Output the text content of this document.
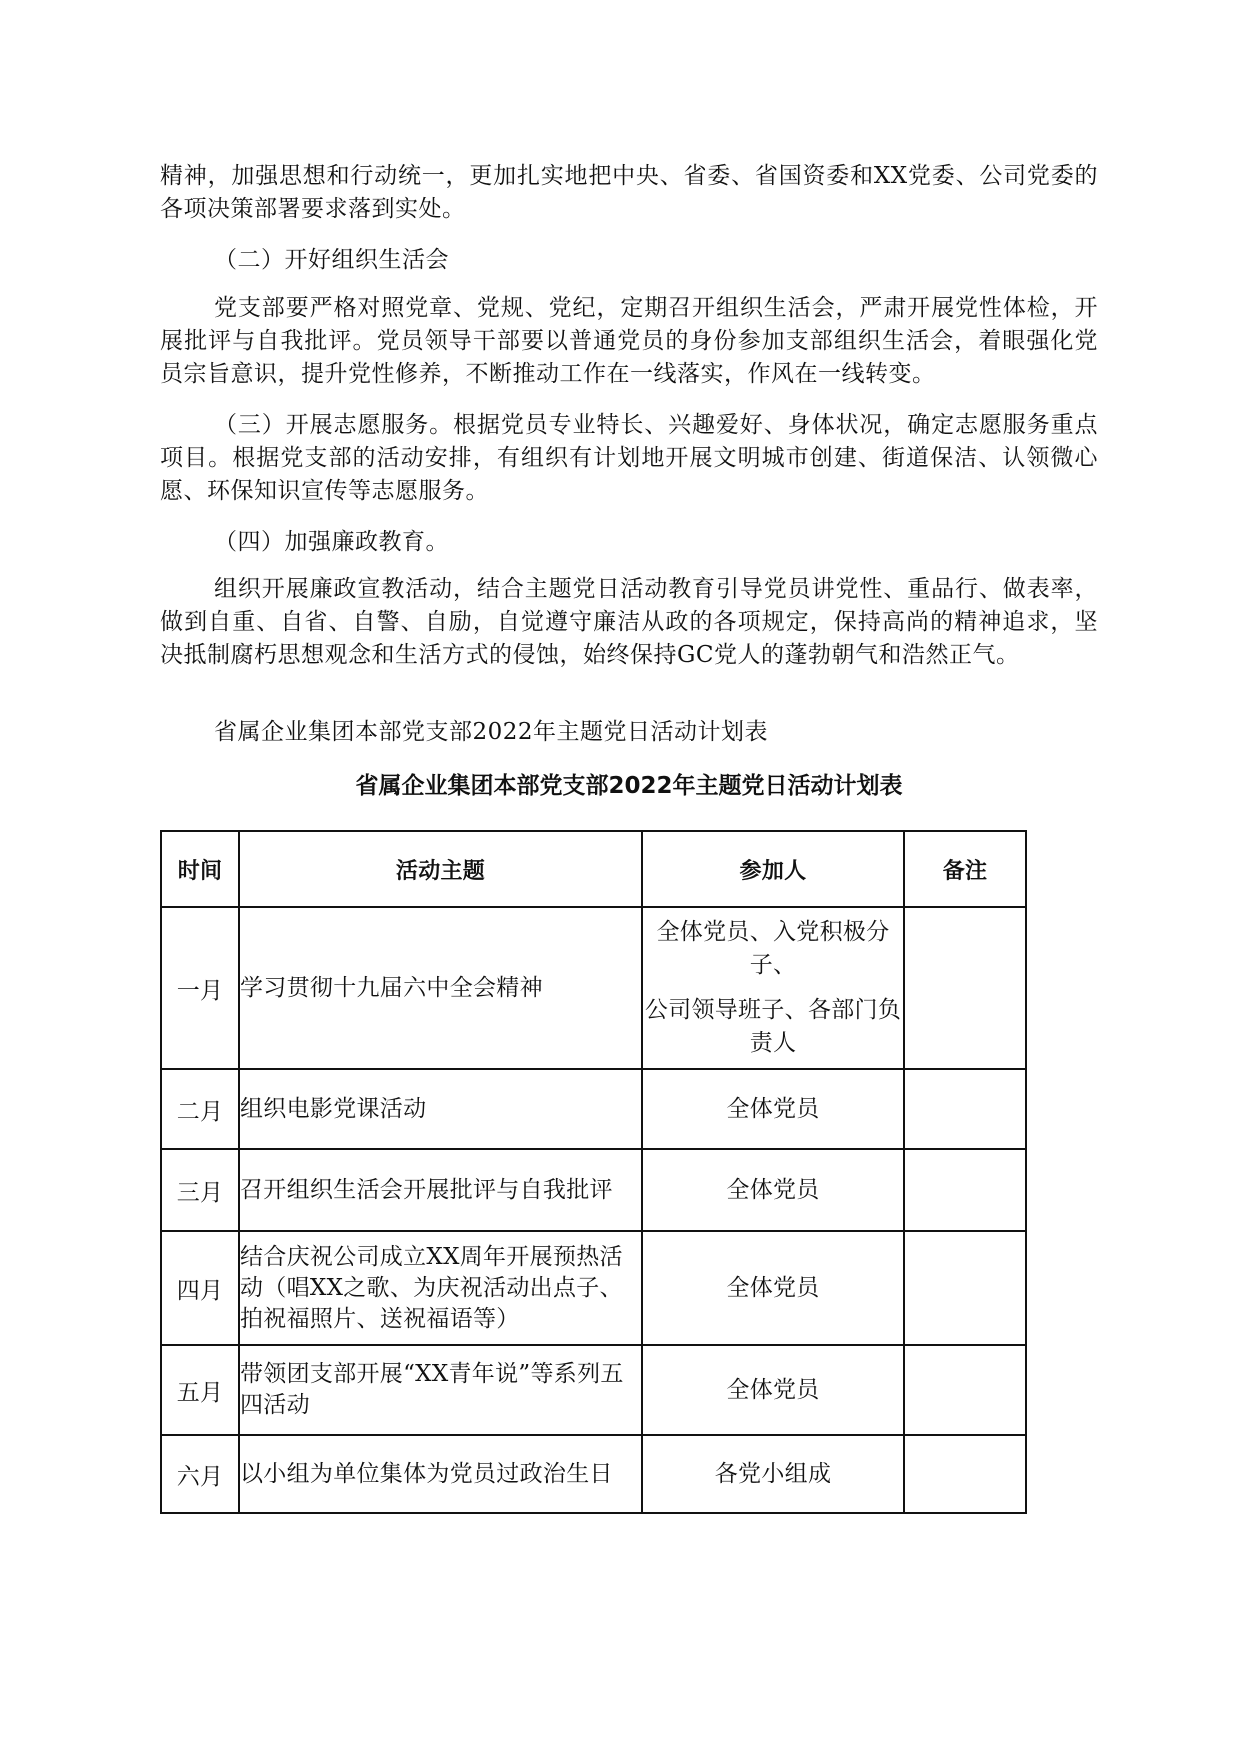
精神，加强思想和行动统一，更加扎实地把中央、省委、省国资委和XX党委、公司党委的各项决策部署要求落到实处。

（二）开好组织生活会

党支部要严格对照党章、党规、党纪，定期召开组织生活会，严肃开展党性体检，开展批评与自我批评。党员领导干部要以普通党员的身份参加支部组织生活会，着眼强化党员宗旨意识，提升党性修养，不断推动工作在一线落实，作风在一线转变。

（三）开展志愿服务。根据党员专业特长、兴趣爱好、身体状况，确定志愿服务重点项目。根据党支部的活动安排，有组织有计划地开展文明城市创建、街道保洁、认领微心愿、环保知识宣传等志愿服务。

（四）加强廉政教育。

组织开展廉政宣教活动，结合主题党日活动教育引导党员讲党性、重品行、做表率，做到自重、自省、自警、自励，自觉遵守廉洁从政的各项规定，保持高尚的精神追求，坚决抵制腐朽思想观念和生活方式的侵蚀，始终保持GC党人的蓬勃朝气和浩然正气。

省属企业集团本部党支部2022年主题党日活动计划表

省属企业集团本部党支部2022年主题党日活动计划表
时间	活动主题	参加人	备注
一月	学习贯彻十九届六中全会精神	全体党员、入党积极分子、
公司领导班子、各部门负责人	

二月	组织电影党课活动	全体党员	
三月	召开组织生活会开展批评与自我批评	全体党员	
四月	结合庆祝公司成立XX周年开展预热活动（唱XX之歌、为庆祝活动出点子、拍祝福照片、送祝福语等）	全体党员	
五月	带领团支部开展“XX青年说”等系列五四活动	全体党员	
六月	以小组为单位集体为党员过政治生日	各党小组成	
